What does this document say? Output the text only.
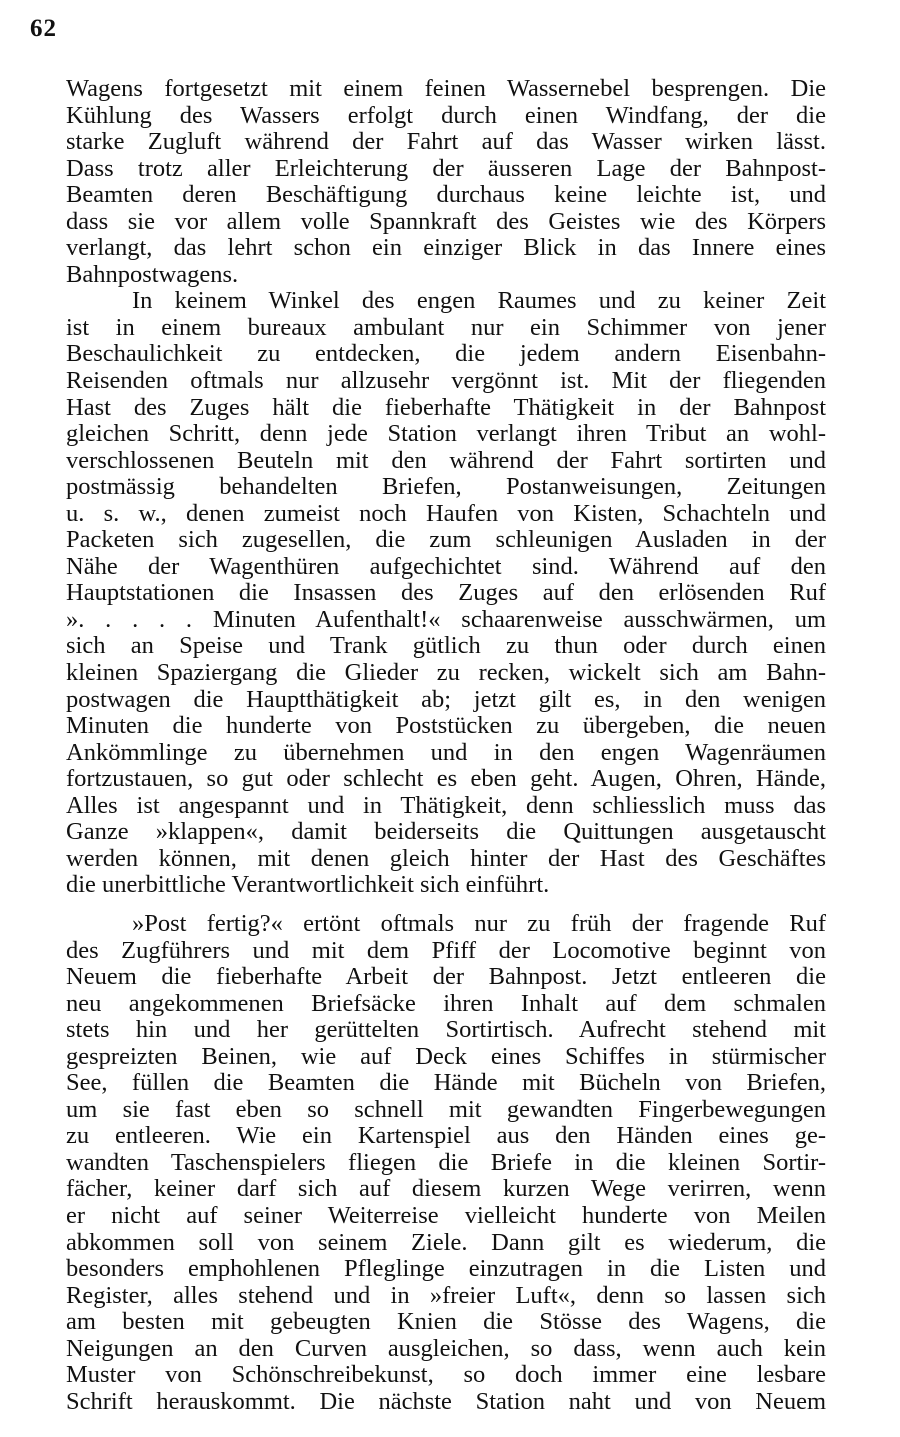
62
Wagens fortgesetzt mit einem feinen Wassernebel besprengen. Die
Kühlung des Wassers erfolgt durch einen Windfang, der die
starke Zugluft während der Fahrt auf das Wasser wirken lässt.
Dass trotz aller Erleichterung der äusseren Lage der Bahnpost-
Beamten deren Beschäftigung durchaus keine leichte ist, und
dass sie vor allem volle Spannkraft des Geistes wie des Körpers
verlangt, das lehrt schon ein einziger Blick in das Innere eines
Bahnpostwagens.
In keinem Winkel des engen Raumes und zu keiner Zeit
ist in einem bureaux ambulant nur ein Schimmer von jener
Beschaulichkeit zu entdecken, die jedem andern Eisenbahn-
Reisenden oftmals nur allzusehr vergönnt ist. Mit der fliegenden
Hast des Zuges hält die fieberhafte Thätigkeit in der Bahnpost
gleichen Schritt, denn jede Station verlangt ihren Tribut an wohl-
verschlossenen Beuteln mit den während der Fahrt sortirten und
postmässig behandelten Briefen, Postanweisungen, Zeitungen
u. s. w., denen zumeist noch Haufen von Kisten, Schachteln und
Packeten sich zugesellen, die zum schleunigen Ausladen in der
Nähe der Wagenthüren aufgechichtet sind. Während auf den
Hauptstationen die Insassen des Zuges auf den erlösenden Ruf
». . . . . Minuten Aufenthalt!« schaarenweise ausschwärmen, um
sich an Speise und Trank gütlich zu thun oder durch einen
kleinen Spaziergang die Glieder zu recken, wickelt sich am Bahn-
postwagen die Hauptthätigkeit ab; jetzt gilt es, in den wenigen
Minuten die hunderte von Poststücken zu übergeben, die neuen
Ankömmlinge zu übernehmen und in den engen Wagenräumen
fortzustauen, so gut oder schlecht es eben geht. Augen, Ohren, Hände,
Alles ist angespannt und in Thätigkeit, denn schliesslich muss das
Ganze »klappen«, damit beiderseits die Quittungen ausgetauscht
werden können, mit denen gleich hinter der Hast des Geschäftes
die unerbittliche Verantwortlichkeit sich einführt.
»Post fertig?« ertönt oftmals nur zu früh der fragende Ruf
des Zugführers und mit dem Pfiff der Locomotive beginnt von
Neuem die fieberhafte Arbeit der Bahnpost. Jetzt entleeren die
neu angekommenen Briefsäcke ihren Inhalt auf dem schmalen
stets hin und her gerüttelten Sortirtisch. Aufrecht stehend mit
gespreizten Beinen, wie auf Deck eines Schiffes in stürmischer
See, füllen die Beamten die Hände mit Bücheln von Briefen,
um sie fast eben so schnell mit gewandten Fingerbewegungen
zu entleeren. Wie ein Kartenspiel aus den Händen eines ge-
wandten Taschenspielers fliegen die Briefe in die kleinen Sortir-
fächer, keiner darf sich auf diesem kurzen Wege verirren, wenn
er nicht auf seiner Weiterreise vielleicht hunderte von Meilen
abkommen soll von seinem Ziele. Dann gilt es wiederum, die
besonders emphohlenen Pfleglinge einzutragen in die Listen und
Register, alles stehend und in »freier Luft«, denn so lassen sich
am besten mit gebeugten Knien die Stösse des Wagens, die
Neigungen an den Curven ausgleichen, so dass, wenn auch kein
Muster von Schönschreibekunst, so doch immer eine lesbare
Schrift herauskommt. Die nächste Station naht und von Neuem
